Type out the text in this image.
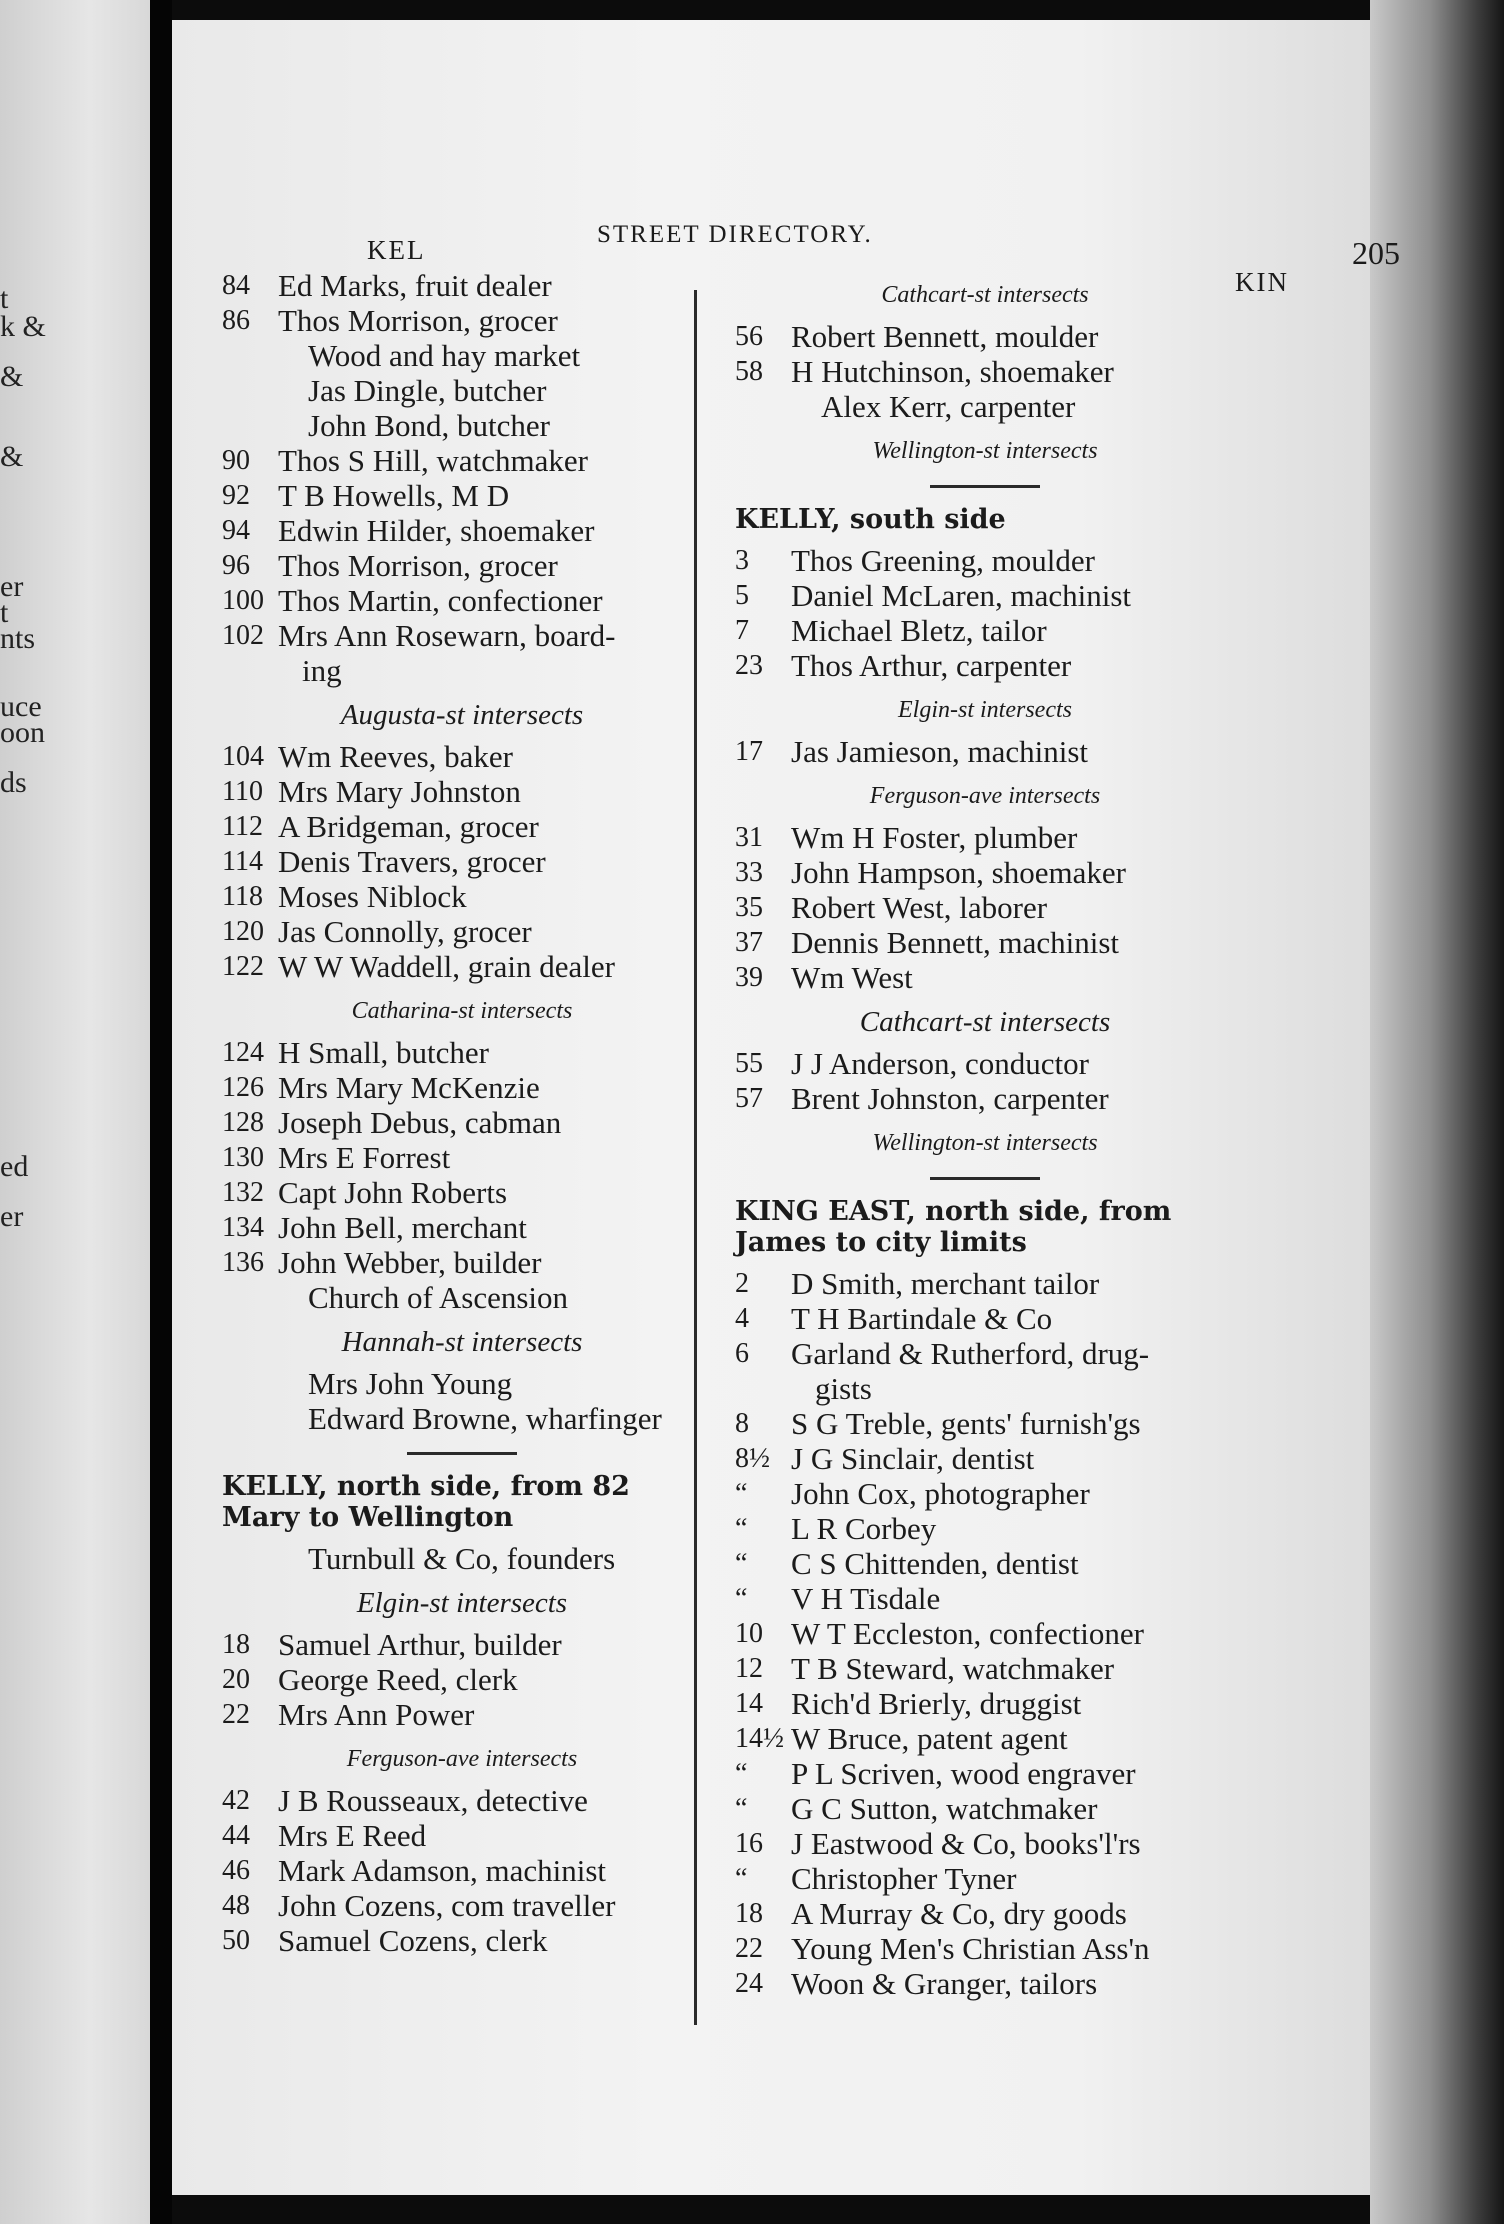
t
k &
&
&
er
t
nts
uce
oon
ds
ed
er
KEL
STREET DIRECTORY.
205
KIN
84 Ed Marks, fruit dealer
86 Thos Morrison, grocer
Wood and hay market
Jas Dingle, butcher
John Bond, butcher
90 Thos S Hill, watchmaker
92 T B Howells, M D
94 Edwin Hilder, shoemaker
96 Thos Morrison, grocer
100 Thos Martin, confectioner
102 Mrs Ann Rosewarn, board-
ing
Augusta-st intersects
104 Wm Reeves, baker
110 Mrs Mary Johnston
112 A Bridgeman, grocer
114 Denis Travers, grocer
118 Moses Niblock
120 Jas Connolly, grocer
122 W W Waddell, grain dealer
Catharina-st intersects
124 H Small, butcher
126 Mrs Mary McKenzie
128 Joseph Debus, cabman
130 Mrs E Forrest
132 Capt John Roberts
134 John Bell, merchant
136 John Webber, builder
Church of Ascension
Hannah-st intersects
Mrs John Young
Edward Browne, wharfinger
KELLY, north side, from 82 Mary to Wellington
Turnbull & Co, founders
Elgin-st intersects
18 Samuel Arthur, builder
20 George Reed, clerk
22 Mrs Ann Power
Ferguson-ave intersects
42 J B Rousseaux, detective
44 Mrs E Reed
46 Mark Adamson, machinist
48 John Cozens, com traveller
50 Samuel Cozens, clerk
Cathcart-st intersects
56 Robert Bennett, moulder
58 H Hutchinson, shoemaker
Alex Kerr, carpenter
Wellington-st intersects
KELLY, south side
3	Thos Greening, moulder
5	Daniel McLaren, machinist
7	Michael Bletz, tailor
23 Thos Arthur, carpenter
Elgin-st intersects
17 Jas Jamieson, machinist
Ferguson-ave intersects
31 Wm H Foster, plumber
33 John Hampson, shoemaker
35 Robert West, laborer
37 Dennis Bennett, machinist
39 Wm West
Cathcart-st intersects
55 J J Anderson, conductor
57 Brent Johnston, carpenter
Wellington-st intersects
KING EAST, north side, from James to city limits
2	D Smith, merchant tailor
4	T H Bartindale & Co
6	Garland & Rutherford, drug-
gists
8	S G Treble, gents' furnish'gs
8½ J G Sinclair, dentist
“	John Cox, photographer
“	L R Corbey
“	C S Chittenden, dentist
“	V H Tisdale
10 W T Eccleston, confectioner
12 T B Steward, watchmaker
14 Rich'd Brierly, druggist
14½ W Bruce, patent agent
“	P L Scriven, wood engraver
“	G C Sutton, watchmaker
16 J Eastwood & Co, books'l'rs
“	Christopher Tyner
18 A Murray & Co, dry goods
22 Young Men's Christian Ass'n
24 Woon & Granger, tailors
